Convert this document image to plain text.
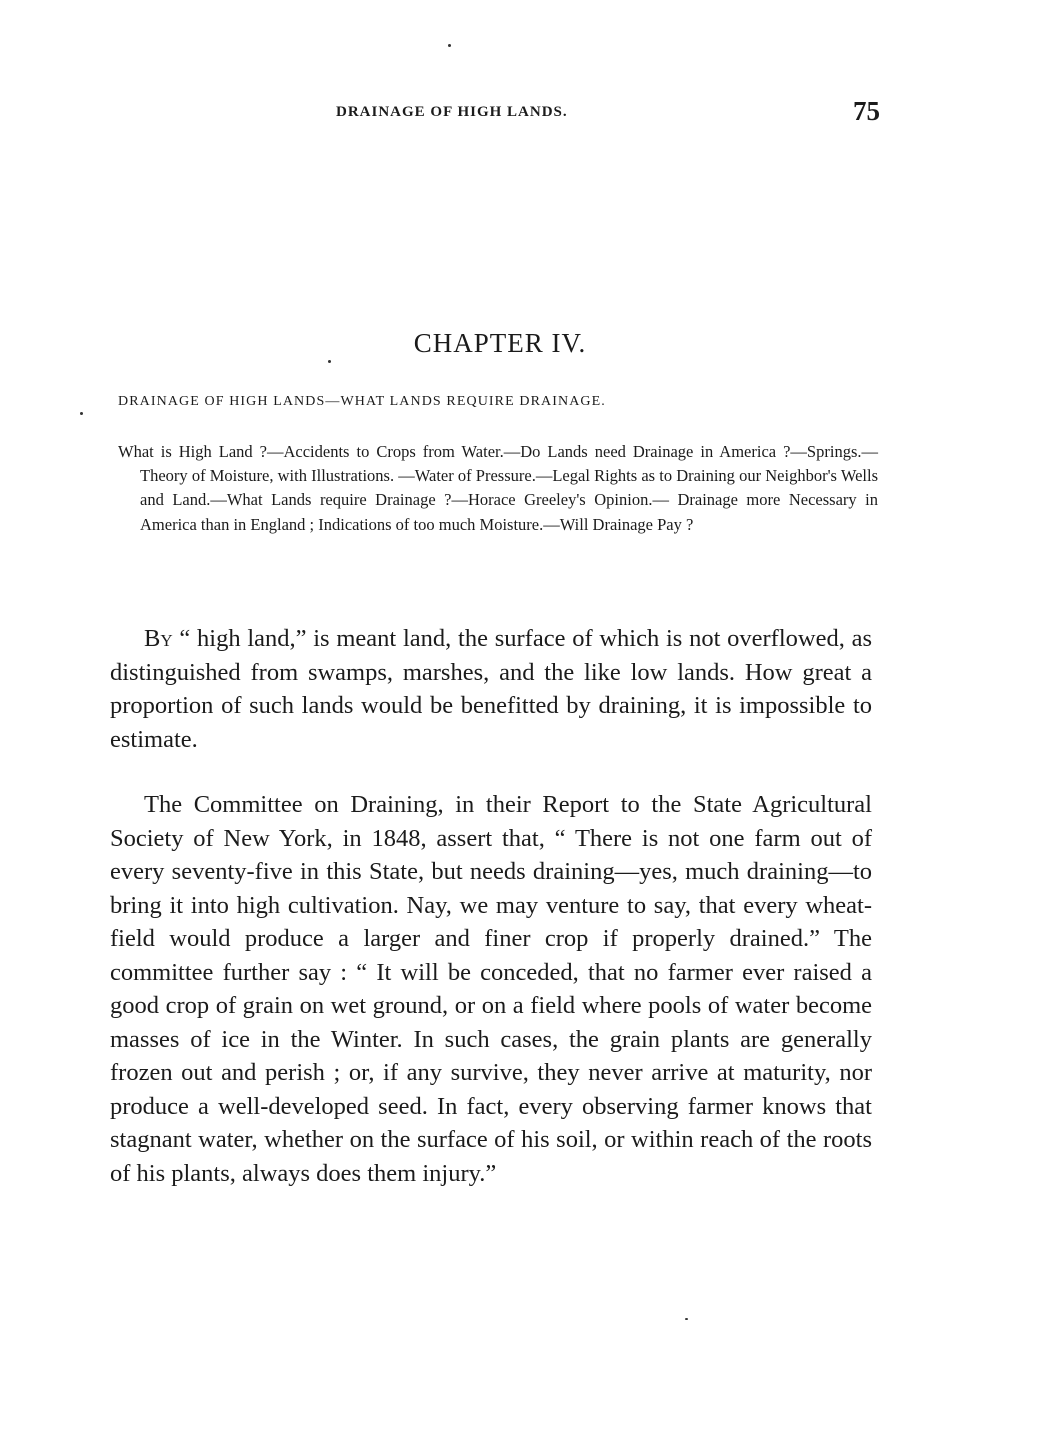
DRAINAGE OF HIGH LANDS.	75
CHAPTER IV.
DRAINAGE OF HIGH LANDS—WHAT LANDS REQUIRE DRAINAGE.
What is High Land ?—Accidents to Crops from Water.—Do Lands need Drainage in America ?—Springs.—Theory of Moisture, with Illustrations. —Water of Pressure.—Legal Rights as to Draining our Neighbor's Wells and Land.—What Lands require Drainage ?—Horace Greeley's Opinion.— Drainage more Necessary in America than in England ; Indications of too much Moisture.—Will Drainage Pay ?

By “ high land,” is meant land, the surface of which is not overflowed, as distinguished from swamps, marshes, and the like low lands. How great a proportion of such lands would be benefitted by draining, it is impossible to estimate.

The Committee on Draining, in their Report to the State Agricultural Society of New York, in 1848, assert that, “ There is not one farm out of every seventy-five in this State, but needs draining—yes, much draining—to bring it into high cultivation. Nay, we may venture to say, that every wheat-field would produce a larger and finer crop if properly drained.” The committee further say : “ It will be conceded, that no farmer ever raised a good crop of grain on wet ground, or on a field where pools of water become masses of ice in the Winter. In such cases, the grain plants are generally frozen out and perish ; or, if any survive, they never arrive at maturity, nor produce a well-developed seed. In fact, every observing farmer knows that stagnant water, whether on the surface of his soil, or within reach of the roots of his plants, always does them injury.”
